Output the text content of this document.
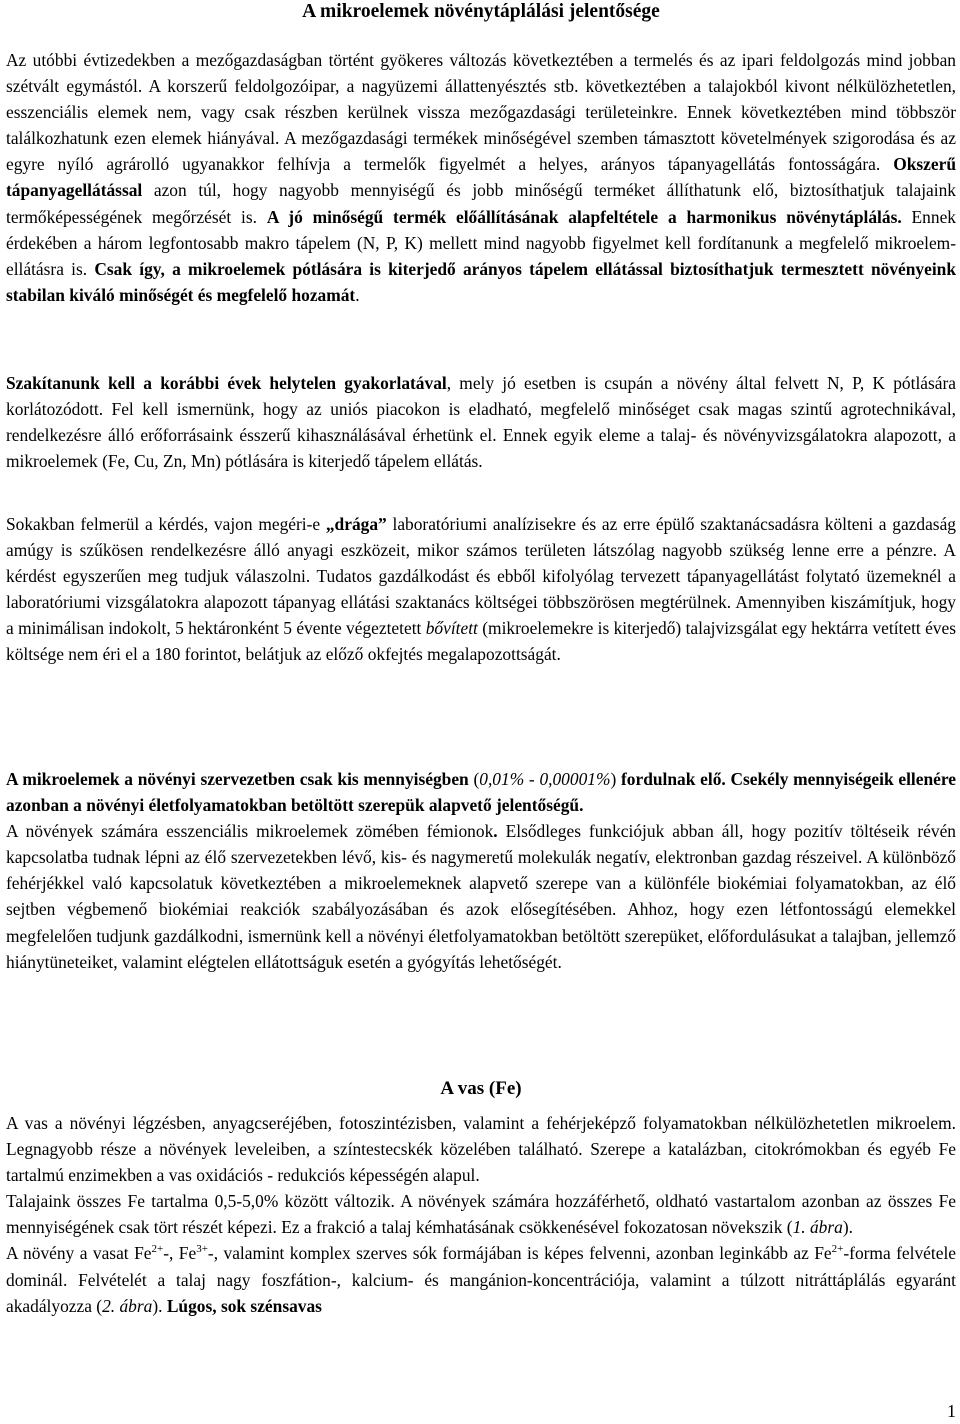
A mikroelemek növénytáplálási jelentősége

Az utóbbi évtizedekben a mezőgazdaságban történt gyökeres változás következtében a termelés és az ipari feldolgozás mind jobban szétvált egymástól. A korszerű feldolgozóipar, a nagyüzemi állattenyésztés stb. következtében a talajokból kivont nélkülözhetetlen, esszenciális elemek nem, vagy csak részben kerülnek vissza mezőgazdasági területeinkre. Ennek következtében mind többször találkozhatunk ezen elemek hiányával. A mezőgazdasági termékek minőségével szemben támasztott követelmények szigorodása és az egyre nyíló agrárolló ugyanakkor felhívja a termelők figyelmét a helyes, arányos tápanyagellátás fontosságára. Okszerű tápanyagellátással azon túl, hogy nagyobb mennyiségű és jobb minőségű terméket állíthatunk elő, biztosíthatjuk talajaink termőképességének megőrzését is. A jó minőségű termék előállításának alapfeltétele a harmonikus növénytáplálás. Ennek érdekében a három legfontosabb makro tápelem (N, P, K) mellett mind nagyobb figyelmet kell fordítanunk a megfelelő mikroelem-ellátásra is. Csak így, a mikroelemek pótlására is kiterjedő arányos tápelem ellátással biztosíthatjuk termesztett növényeink stabilan kiváló minőségét és megfelelő hozamát.

Szakítanunk kell a korábbi évek helytelen gyakorlatával, mely jó esetben is csupán a növény által felvett N, P, K pótlására korlátozódott. Fel kell ismernünk, hogy az uniós piacokon is eladható, megfelelő minőséget csak magas szintű agrotechnikával, rendelkezésre álló erőforrásaink ésszerű kihasználásával érhetünk el. Ennek egyik eleme a talaj- és növényvizsgálatokra alapozott, a mikroelemek (Fe, Cu, Zn, Mn) pótlására is kiterjedő tápelem ellátás.

Sokakban felmerül a kérdés, vajon megéri-e „drága” laboratóriumi analízisekre és az erre épülő szaktanácsadásra költeni a gazdaság amúgy is szűkösen rendelkezésre álló anyagi eszközeit, mikor számos területen látszólag nagyobb szükség lenne erre a pénzre. A kérdést egyszerűen meg tudjuk válaszolni. Tudatos gazdálkodást és ebből kifolyólag tervezett tápanyagellátást folytató üzemeknél a laboratóriumi vizsgálatokra alapozott tápanyag ellátási szaktanács költségei többszörösen megtérülnek. Amennyiben kiszámítjuk, hogy a minimálisan indokolt, 5 hektáronként 5 évente végeztetett bővített (mikroelemekre is kiterjedő) talajvizsgálat egy hektárra vetített éves költsége nem éri el a 180 forintot, belátjuk az előző okfejtés megalapozottságát.

A mikroelemek a növényi szervezetben csak kis mennyiségben (0,01% - 0,00001%) fordulnak elő. Csekély mennyiségeik ellenére azonban a növényi életfolyamatokban betöltött szerepük alapvető jelentőségű.

A növények számára esszenciális mikroelemek zömében fémionok. Elsődleges funkciójuk abban áll, hogy pozitív töltéseik révén kapcsolatba tudnak lépni az élő szervezetekben lévő, kis- és nagymeretű molekulák negatív, elektronban gazdag részeivel. A különböző fehérjékkel való kapcsolatuk következtében a mikroelemeknek alapvető szerepe van a különféle biokémiai folyamatokban, az élő sejtben végbemenő biokémiai reakciók szabályozásában és azok elősegítésében. Ahhoz, hogy ezen létfontosságú elemekkel megfelelően tudjunk gazdálkodni, ismernünk kell a növényi életfolyamatokban betöltött szerepüket, előfordulásukat a talajban, jellemző hiánytüneteiket, valamint elégtelen ellátottságuk esetén a gyógyítás lehetőségét.

A vas (Fe)

A vas a növényi légzésben, anyagcseréjében, fotoszintézisben, valamint a fehérjeképző folyamatokban nélkülözhetetlen mikroelem. Legnagyobb része a növények leveleiben, a színtestecskék közelében található. Szerepe a katalázban, citokrómokban és egyéb Fe tartalmú enzimekben a vas oxidációs - redukciós képességén alapul.

Talajaink összes Fe tartalma 0,5-5,0% között változik. A növények számára hozzáférhető, oldható vastartalom azonban az összes Fe mennyiségének csak tört részét képezi. Ez a frakció a talaj kémhatásának csökkenésével fokozatosan növekszik (1. ábra).

A növény a vasat $Fe^{2+}-$, $Fe^{3+}-$, valamint komplex szerves sók formájában is képes felvenni, azonban leginkább az $Fe^{2+}$-forma felvétele dominál. Felvételét a talaj nagy foszfátion-, kalcium- és mangánion-koncentrációja, valamint a túlzott nitráttáplálás egyaránt akadályozza (2. ábra). Lúgos, sok szénsavas

1
